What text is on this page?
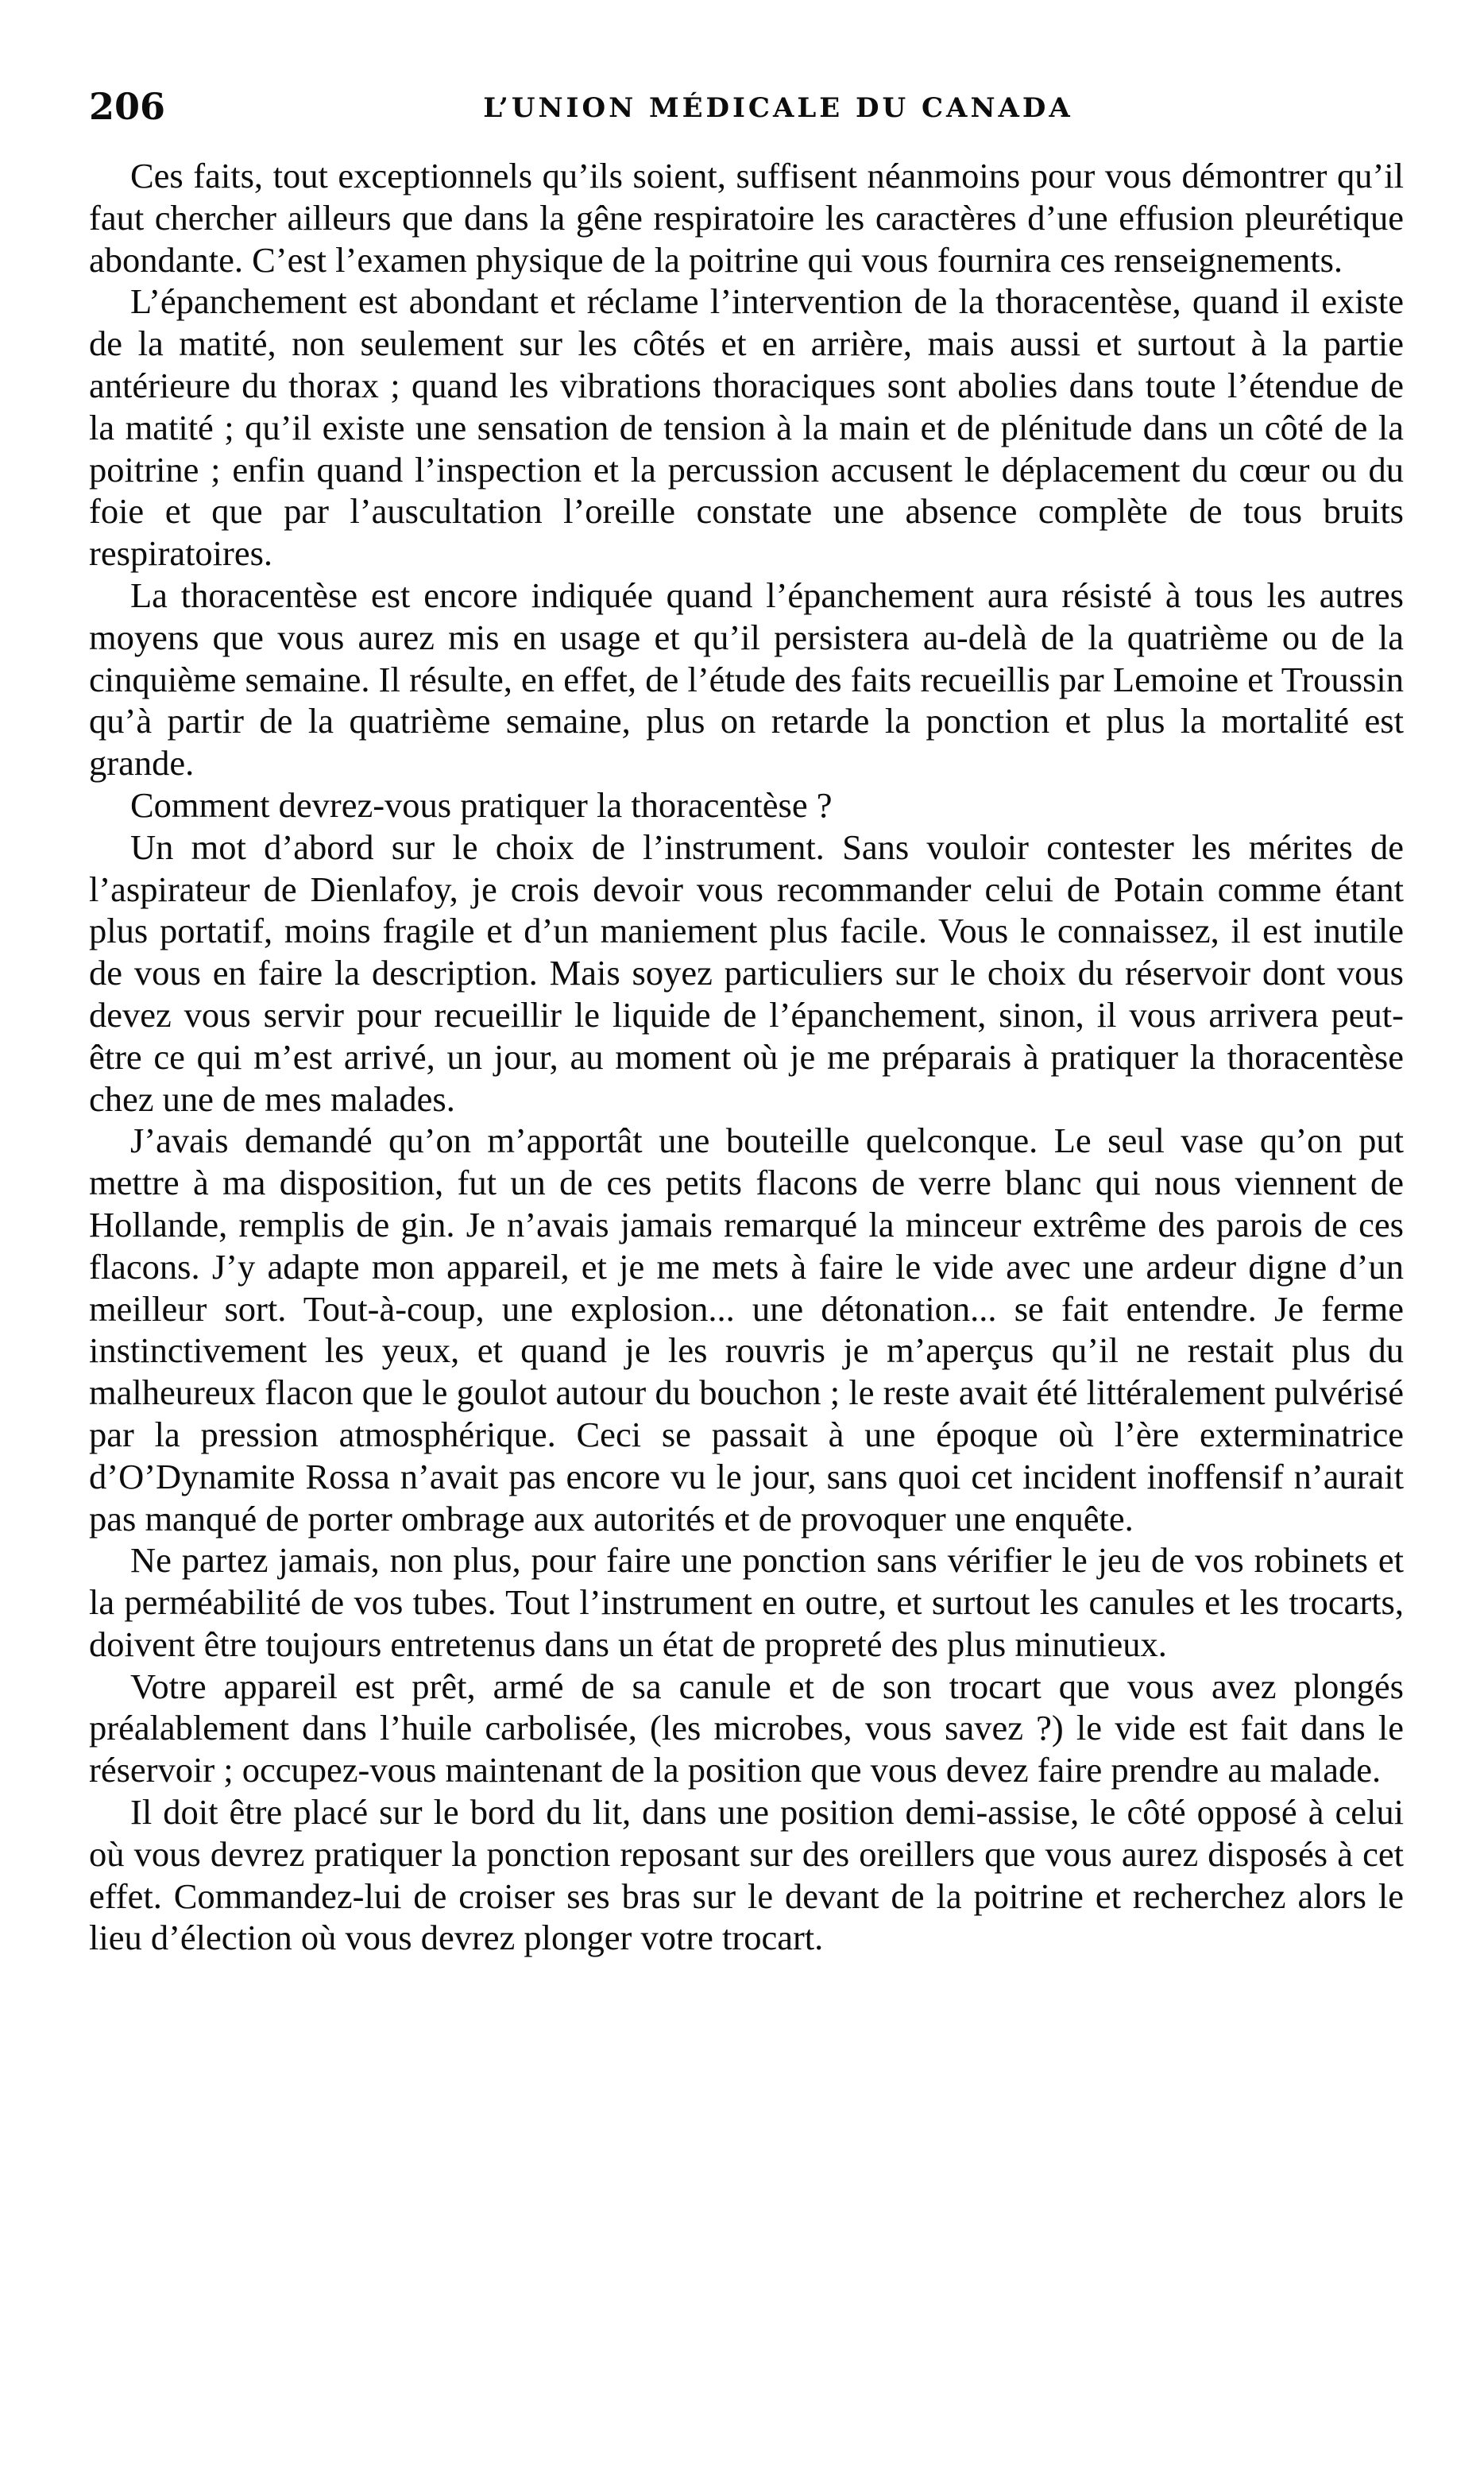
206	L’UNION MÉDICALE DU CANADA

Ces faits, tout exceptionnels qu’ils soient, suffisent néanmoins pour vous démontrer qu’il faut chercher ailleurs que dans la gêne respiratoire les caractères d’une effusion pleurétique abondante. C’est l’examen physique de la poitrine qui vous fournira ces renseignements.

L’épanchement est abondant et réclame l’intervention de la thoracentèse, quand il existe de la matité, non seulement sur les côtés et en arrière, mais aussi et surtout à la partie antérieure du thorax ; quand les vibrations thoraciques sont abolies dans toute l’étendue de la matité ; qu’il existe une sensation de tension à la main et de plénitude dans un côté de la poitrine ; enfin quand l’inspection et la percussion accusent le déplacement du cœur ou du foie et que par l’auscultation l’oreille constate une absence complète de tous bruits respiratoires.

La thoracentèse est encore indiquée quand l’épanchement aura résisté à tous les autres moyens que vous aurez mis en usage et qu’il persistera au-delà de la quatrième ou de la cinquième semaine. Il résulte, en effet, de l’étude des faits recueillis par Lemoine et Troussin qu’à partir de la quatrième semaine, plus on retarde la ponction et plus la mortalité est grande.

Comment devrez-vous pratiquer la thoracentèse ?

Un mot d’abord sur le choix de l’instrument. Sans vouloir contester les mérites de l’aspirateur de Dienlafoy, je crois devoir vous recommander celui de Potain comme étant plus portatif, moins fragile et d’un maniement plus facile. Vous le connaissez, il est inutile de vous en faire la description. Mais soyez particuliers sur le choix du réservoir dont vous devez vous servir pour recueillir le liquide de l’épanchement, sinon, il vous arrivera peut-être ce qui m’est arrivé, un jour, au moment où je me préparais à pratiquer la thoracentèse chez une de mes malades.

J’avais demandé qu’on m’apportât une bouteille quelconque. Le seul vase qu’on put mettre à ma disposition, fut un de ces petits flacons de verre blanc qui nous viennent de Hollande, remplis de gin. Je n’avais jamais remarqué la minceur extrême des parois de ces flacons. J’y adapte mon appareil, et je me mets à faire le vide avec une ardeur digne d’un meilleur sort. Tout-à-coup, une explosion... une détonation... se fait entendre. Je ferme instinctivement les yeux, et quand je les rouvris je m’aperçus qu’il ne restait plus du malheureux flacon que le goulot autour du bouchon ; le reste avait été littéralement pulvérisé par la pression atmosphérique. Ceci se passait à une époque où l’ère exterminatrice d’O’Dynamite Rossa n’avait pas encore vu le jour, sans quoi cet incident inoffensif n’aurait pas manqué de porter ombrage aux autorités et de provoquer une enquête.

Ne partez jamais, non plus, pour faire une ponction sans vérifier le jeu de vos robinets et la perméabilité de vos tubes. Tout l’instrument en outre, et surtout les canules et les trocarts, doivent être toujours entretenus dans un état de propreté des plus minutieux.

Votre appareil est prêt, armé de sa canule et de son trocart que vous avez plongés préalablement dans l’huile carbolisée, (les microbes, vous savez ?) le vide est fait dans le réservoir ; occupez-vous maintenant de la position que vous devez faire prendre au malade.

Il doit être placé sur le bord du lit, dans une position demi-assise, le côté opposé à celui où vous devrez pratiquer la ponction reposant sur des oreillers que vous aurez disposés à cet effet. Commandez-lui de croiser ses bras sur le devant de la poitrine et recherchez alors le lieu d’élection où vous devrez plonger votre trocart.
